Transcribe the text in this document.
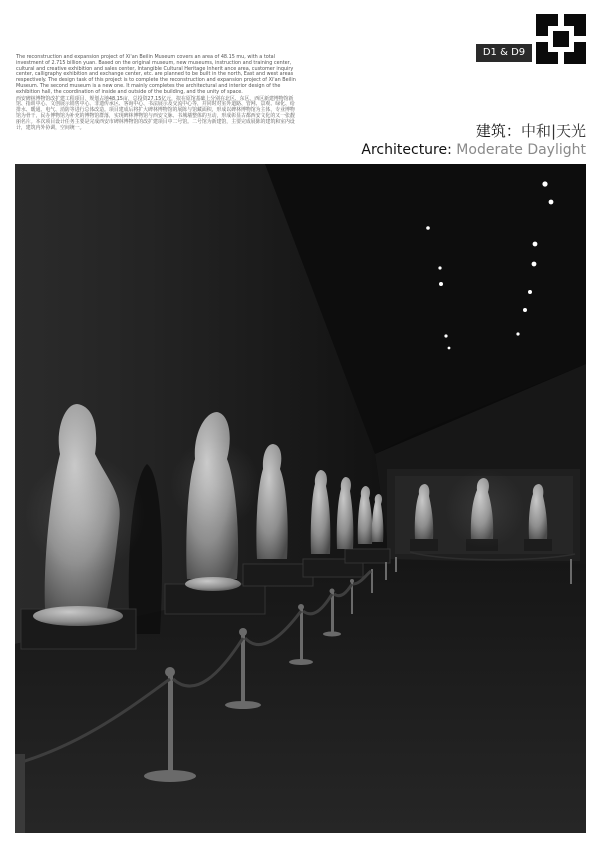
D1 & D9

The reconstruction and expansion project of Xi'an Beilin Museum covers an area of 48.15 mu, with a total investment of 2.715 billion yuan. Based on the original museum, new museums, instruction and training center, cultural and creative exhibition and sales center, Intangible Cultural Heritage Inherit ance area, customer inquiry center, calligraphy exhibition and exchange center, etc. are planned to be built in the north, East and west areas respectively. The design task of this project is to complete the reconstruction and expansion project of Xi'an Beilin Museum. The second museum is a new one. It mainly completes the architectural and interior design of the exhibition hall, the coordination of inside and outside of the building, and the unity of space.

西安碑林博物馆改扩建工程项目，规划占地48.15亩，总投资27.15亿元，拟在原馆基础上分别在北区、东区、西区新建博物馆新馆、指训中心、文创展示销售中心、非遗传承区、客询中心、书法展示及交流中心等，并同时对室外道路、管网、景观、绿化、给排水、暖通、电气、消防等进行总体改造。项目建成后将扩大碑林博物馆的展陈与馆藏面积，形成以碑林博物馆为主体，专业博物馆为骨干，民办博物馆为补充的博物馆群落，实现碑林博物馆与西安文脉、书城墙整体的互动，形成彰显古都西安文化的又一张靓丽名片。本次项目设计任务主要是完成西安市碑林博物馆的改扩建项目中二号馆。二号馆为新建馆，主要完成展陈的建筑和室内设计，建筑内外协调，空间统一。	建筑：中和|天光
Architecture: Moderate Daylight
